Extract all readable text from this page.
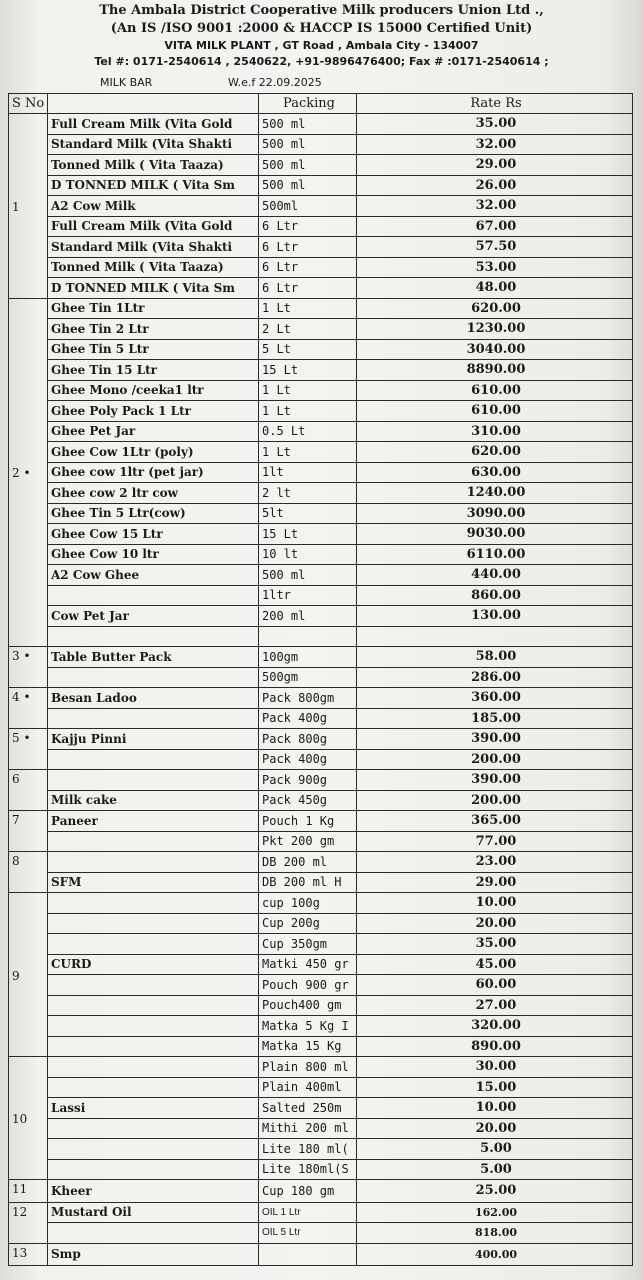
The Ambala District Cooperative Milk producers Union Ltd .,
(An IS /ISO 9001 :2000 & HACCP IS 15000 Certified Unit)
VITA MILK PLANT , GT Road , Ambala City - 134007
Tel #: 0171-2540614 , 2540622, +91-9896476400; Fax # :0171-2540614 ;
MILK BAR	W.e.f 22.09.2025
S No		Packing	Rate Rs
1	Full Cream Milk (Vita Gold	500 ml	35.00
	Standard Milk (Vita Shakti	500 ml	32.00
	Tonned Milk ( Vita Taaza)	500 ml	29.00
	D TONNED MILK ( Vita Sm	500 ml	26.00
	A2 Cow Milk	500ml	32.00
	Full Cream Milk (Vita Gold	6 Ltr	67.00
	Standard Milk (Vita Shakti	6 Ltr	57.50
	Tonned Milk ( Vita Taaza)	6 Ltr	53.00
	D TONNED MILK ( Vita Sm	6 Ltr	48.00
2 •	Ghee Tin 1Ltr	1 Lt	620.00
	Ghee Tin 2 Ltr	2 Lt	1230.00
	Ghee Tin 5 Ltr	5 Lt	3040.00
	Ghee Tin 15 Ltr	15 Lt	8890.00
	Ghee Mono /ceeka1 ltr	1 Lt	610.00
	Ghee Poly Pack 1 Ltr	1 Lt	610.00
	Ghee Pet Jar	0.5 Lt	310.00
	Ghee Cow 1Ltr (poly)	1 Lt	620.00
	Ghee cow 1ltr (pet jar)	1lt	630.00
	Ghee cow 2 ltr cow	2 lt	1240.00
	Ghee Tin 5 Ltr(cow)	5lt	3090.00
	Ghee Cow 15 Ltr	15 Lt	9030.00
	Ghee Cow 10 ltr	10 lt	6110.00
	A2 Cow Ghee	500 ml	440.00
		1ltr	860.00
	Cow Pet Jar	200 ml	130.00

3 •	Table Butter Pack	100gm	58.00
		500gm	286.00
4 •	Besan Ladoo	Pack 800gm	360.00
		Pack 400g	185.00
5 •	Kajju Pinni	Pack 800g	390.00
		Pack 400g	200.00
6		Pack 900g	390.00
	Milk cake	Pack 450g	200.00
7	Paneer	Pouch 1 Kg	365.00
		Pkt 200 gm	77.00
8		DB 200 ml	23.00
	SFM	DB 200 ml H	29.00
9		cup 100g	10.00
		Cup 200g	20.00
		Cup 350gm	35.00
	CURD	Matki 450 gr	45.00
		Pouch 900 gr	60.00
		Pouch400 gm	27.00
		Matka 5 Kg I	320.00
		Matka 15 Kg	890.00
10		Plain 800 ml	30.00
		Plain 400ml	15.00
	Lassi	Salted 250m	10.00
		Mithi 200 ml	20.00
		Lite 180 ml(	5.00
		Lite 180ml(S	5.00
11	Kheer	Cup 180 gm	25.00
12	Mustard Oil	OIL 1 Ltr	162.00
		OIL 5 Ltr	818.00
13	Smp		400.00
